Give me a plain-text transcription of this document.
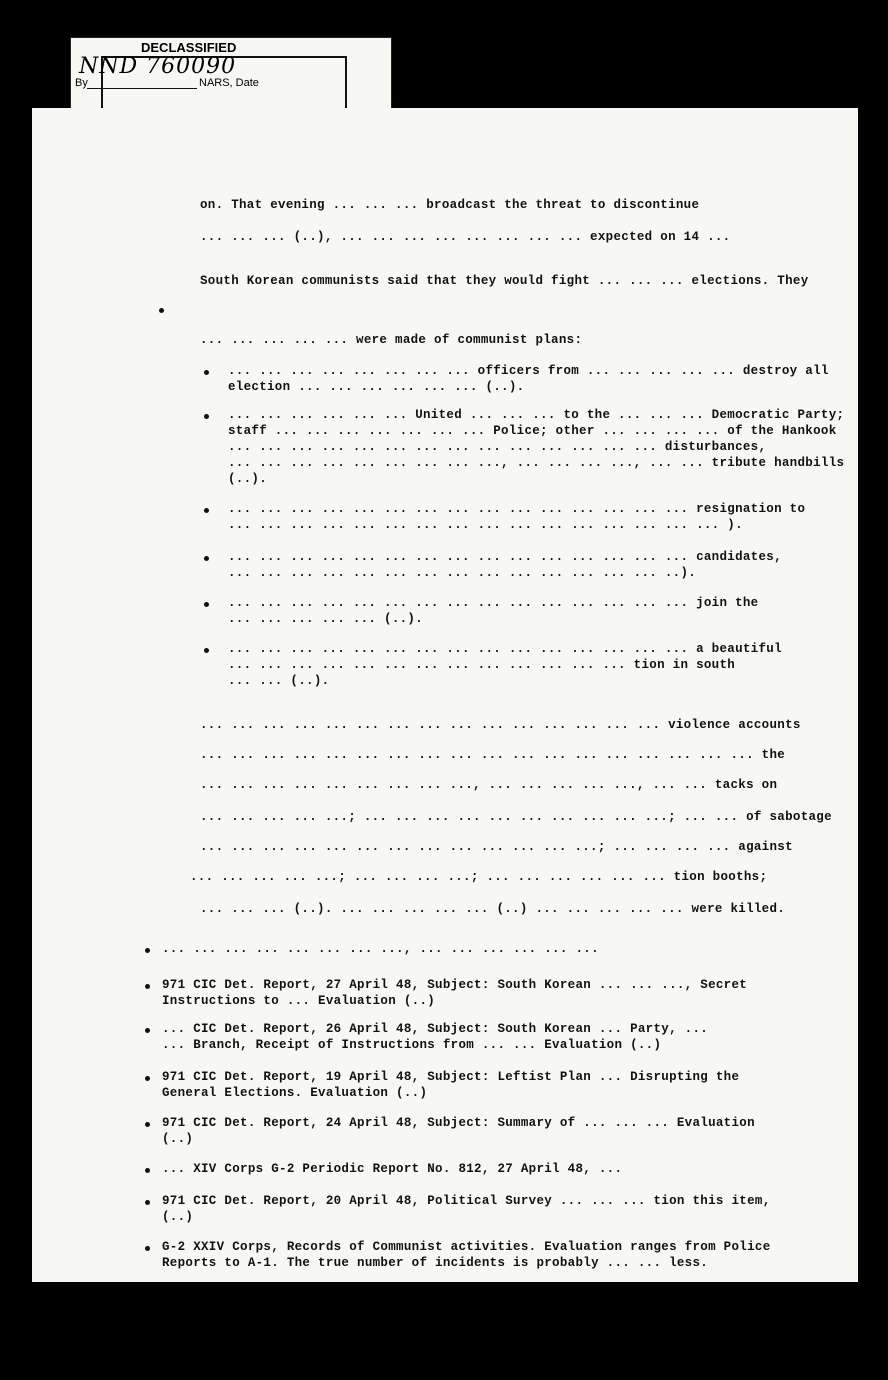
DECLASSIFIED
NND 760090
By	NARS, Date
on. That evening ... ... ... broadcast the threat to discontinue
... ... ... (..), ... ... ... ... ... ... ... ... expected on 14 ...
South Korean communists said that they would fight ... ... ... elections. They
... ... ... ... ... were made of communist plans:
... ... ... ... ... ... ... ... officers from ... ... ... ... ... destroy all
election ... ... ... ... ... ... (..).
... ... ... ... ... ... United ... ... ... to the ... ... ... Democratic Party;
staff ... ... ... ... ... ... ... Police; other ... ... ... ... of the Hankook
... ... ... ... ... ... ... ... ... ... ... ... ... ... disturbances,
... ... ... ... ... ... ... ... ..., ... ... ... ..., ... ... tribute handbills
(..).
... ... ... ... ... ... ... ... ... ... ... ... ... ... ... resignation to
... ... ... ... ... ... ... ... ... ... ... ... ... ... ... ... ).
... ... ... ... ... ... ... ... ... ... ... ... ... ... ... candidates,
... ... ... ... ... ... ... ... ... ... ... ... ... ... ..).
... ... ... ... ... ... ... ... ... ... ... ... ... ... ... join the
... ... ... ... ... (..).
... ... ... ... ... ... ... ... ... ... ... ... ... ... ... a beautiful
... ... ... ... ... ... ... ... ... ... ... ... ... tion in south
... ... (..).
... ... ... ... ... ... ... ... ... ... ... ... ... ... ... violence accounts
... ... ... ... ... ... ... ... ... ... ... ... ... ... ... ... ... ... the
... ... ... ... ... ... ... ... ..., ... ... ... ... ..., ... ... tacks on
... ... ... ... ...; ... ... ... ... ... ... ... ... ... ...; ... ... of sabotage
... ... ... ... ... ... ... ... ... ... ... ... ...; ... ... ... ... against
... ... ... ... ...; ... ... ... ...; ... ... ... ... ... ... tion booths;
... ... ... (..). ... ... ... ... ... (..) ... ... ... ... ... were killed.
... ... ... ... ... ... ... ..., ... ... ... ... ... ...
971 CIC Det. Report, 27 April 48, Subject: South Korean ... ... ..., Secret
Instructions to ... Evaluation (..)
... CIC Det. Report, 26 April 48, Subject: South Korean ... Party, ...
... Branch, Receipt of Instructions from ... ... Evaluation (..)
971 CIC Det. Report, 19 April 48, Subject: Leftist Plan ... Disrupting the
General Elections. Evaluation (..)
971 CIC Det. Report, 24 April 48, Subject: Summary of ... ... ... Evaluation
(..)
... XIV Corps G-2 Periodic Report No. 812, 27 April 48, ...
971 CIC Det. Report, 20 April 48, Political Survey ... ... ... tion this item,
(..)
G-2 XXIV Corps, Records of Communist activities. Evaluation ranges from Police
Reports to A-1. The true number of incidents is probably ... ... less.
